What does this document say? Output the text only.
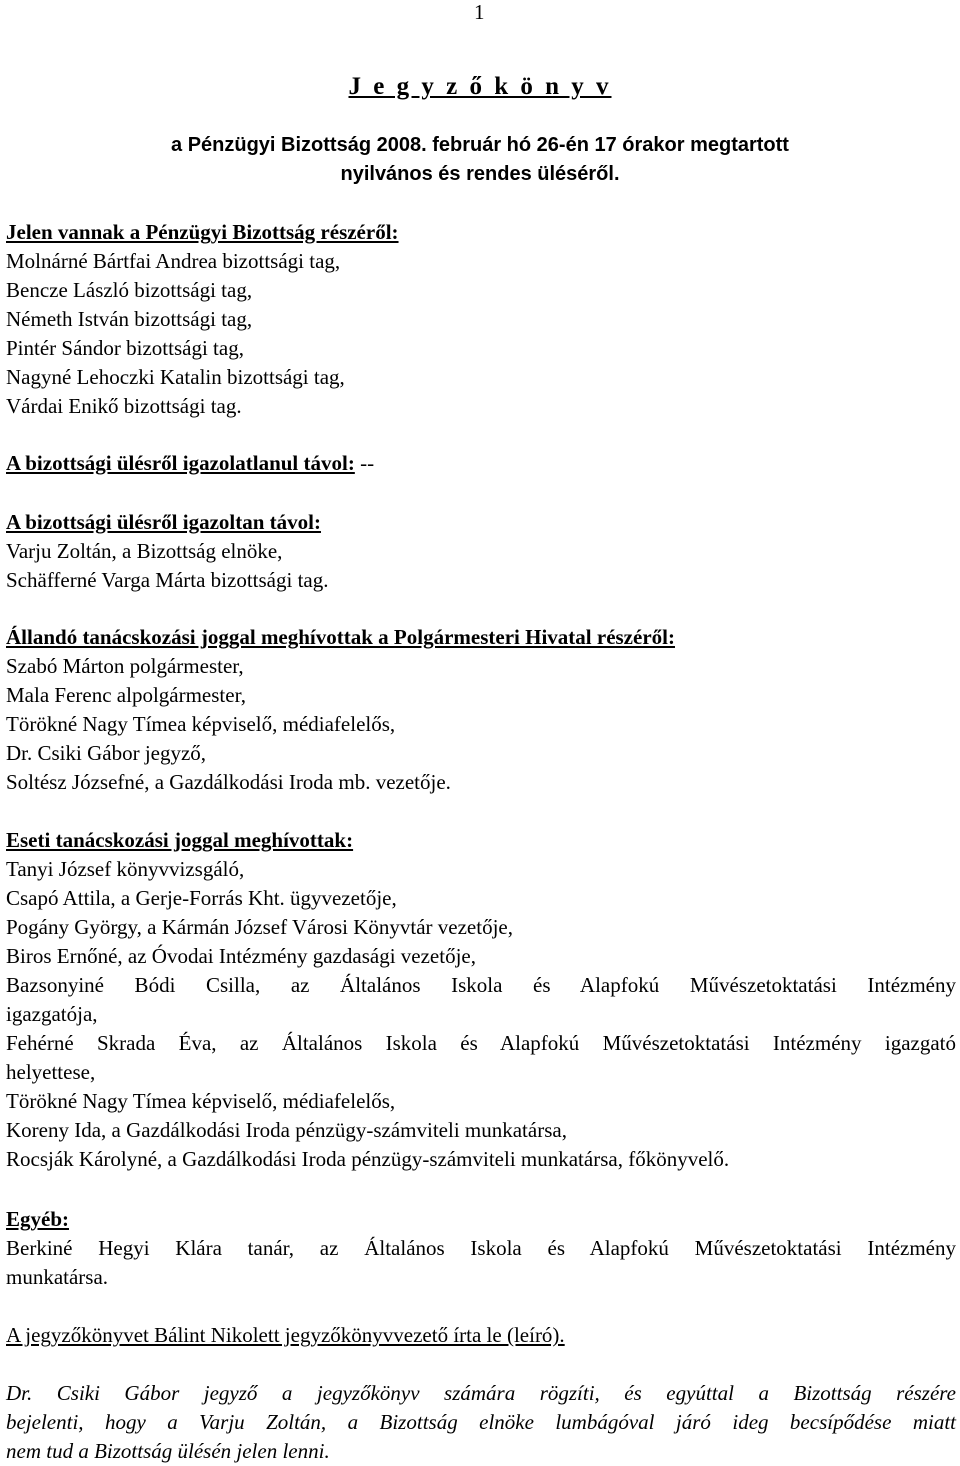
1
J e g y z ő k ö n y v
a Pénzügyi Bizottság 2008. február hó 26-én 17 órakor megtartott
nyilvános és rendes üléséről.
Jelen vannak a Pénzügyi Bizottság részéről:
Molnárné Bártfai Andrea bizottsági tag,
Bencze László bizottsági tag,
Németh István bizottsági tag,
Pintér Sándor bizottsági tag,
Nagyné Lehoczki Katalin bizottsági tag,
Várdai Enikő bizottsági tag.
A bizottsági ülésről igazolatlanul távol: --
A bizottsági ülésről igazoltan távol:
Varju Zoltán, a Bizottság elnöke,
Schäfferné Varga Márta bizottsági tag.
Állandó tanácskozási joggal meghívottak a Polgármesteri Hivatal részéről:
Szabó Márton polgármester,
Mala Ferenc alpolgármester,
Törökné Nagy Tímea képviselő, médiafelelős,
Dr. Csiki Gábor jegyző,
Soltész Józsefné, a Gazdálkodási Iroda mb. vezetője.
Eseti tanácskozási joggal meghívottak:
Tanyi József könyvvizsgáló,
Csapó Attila, a Gerje-Forrás Kht. ügyvezetője,
Pogány György, a Kármán József Városi Könyvtár vezetője,
Biros Ernőné, az Óvodai Intézmény gazdasági vezetője,
Bazsonyiné Bódi Csilla, az Általános Iskola és Alapfokú Művészetoktatási Intézmény
igazgatója,
Fehérné Skrada Éva, az Általános Iskola és Alapfokú Művészetoktatási Intézmény igazgató
helyettese,
Törökné Nagy Tímea képviselő, médiafelelős,
Koreny Ida, a Gazdálkodási Iroda pénzügy-számviteli munkatársa,
Rocsják Károlyné, a Gazdálkodási Iroda pénzügy-számviteli munkatársa, főkönyvelő.
Egyéb:
Berkiné Hegyi Klára tanár, az Általános Iskola és Alapfokú Művészetoktatási Intézmény
munkatársa.
A jegyzőkönyvet Bálint Nikolett jegyzőkönyvvezető írta le (leíró).
Dr. Csiki Gábor jegyző a jegyzőkönyv számára rögzíti, és egyúttal a Bizottság részére
bejelenti, hogy a Varju Zoltán, a Bizottság elnöke lumbágóval járó ideg becsípődése miatt
nem tud a Bizottság ülésén jelen lenni.
